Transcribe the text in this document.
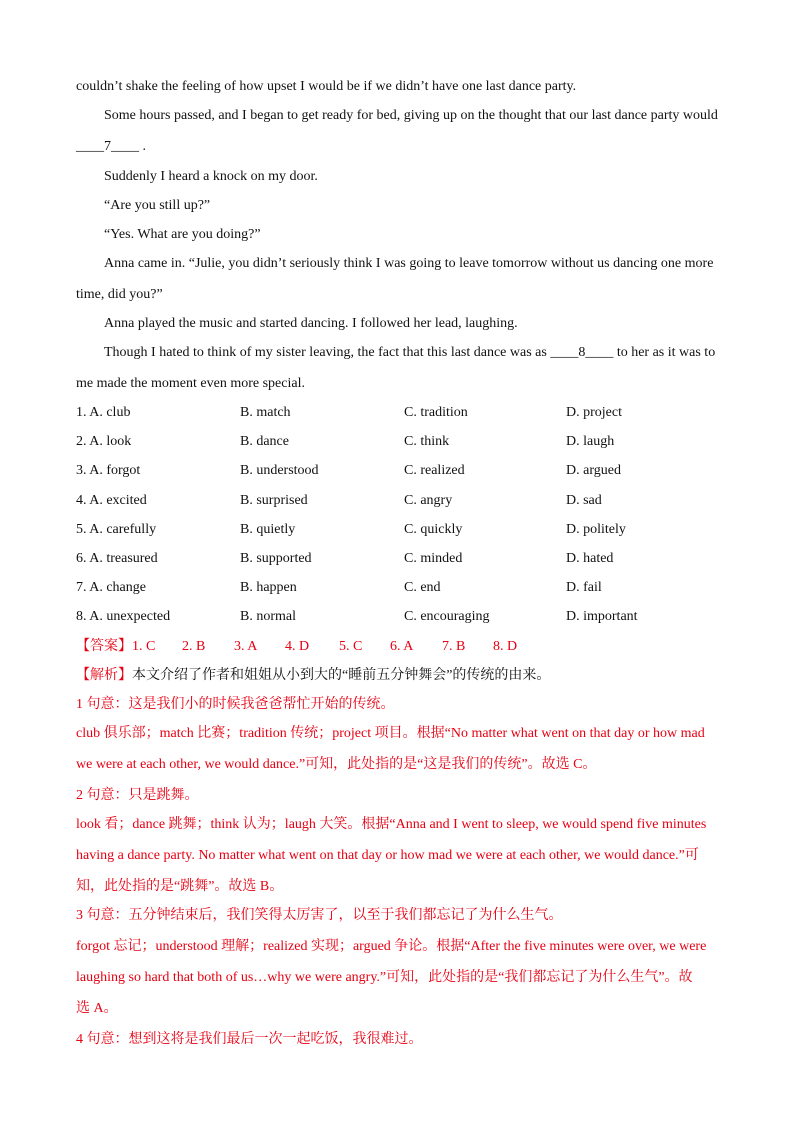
couldn’t shake the feeling of how upset I would be if we didn’t have one last dance party.
Some hours passed, and I began to get ready for bed, giving up on the thought that our last dance party would
____7____ .
Suddenly I heard a knock on my door.
“Are you still up?”
“Yes. What are you doing?”
Anna came in. “Julie, you didn’t seriously think I was going to leave tomorrow without us dancing one more
time, did you?”
Anna played the music and started dancing. I followed her lead, laughing.
Though I hated to think of my sister leaving, the fact that this last dance was as ____8____ to her as it was to
me made the moment even more special.
1. A. club	B. match	C. tradition	D. project
2. A. look	B. dance	C. think	D. laugh
3. A. forgot	B. understood	C. realized	D. argued
4. A. excited	B. surprised	C. angry	D. sad
5. A. carefully	B. quietly	C. quickly	D. politely
6. A. treasured	B. supported	C. minded	D. hated
7. A. change	B. happen	C. end	D. fail
8. A. unexpected	B. normal	C. encouraging	D. important
【答案】1. C 2. B 3. A 4. D 5. C 6. A 7. B 8. D
【解析】本文介绍了作者和姐姐从小到大的“睡前五分钟舞会”的传统的由来。
1 句意：这是我们小的时候我爸爸帮忙开始的传统。
club 俱乐部；match 比赛；tradition 传统；project 项目。根据“No matter what went on that day or how mad
we were at each other, we would dance.”可知，此处指的是“这是我们的传统”。故选 C。
2 句意：只是跳舞。
look 看；dance 跳舞；think 认为；laugh 大笑。根据“Anna and I went to sleep, we would spend five minutes
having a dance party. No matter what went on that day or how mad we were at each other, we would dance.”可
知，此处指的是“跳舞”。故选 B。
3 句意：五分钟结束后，我们笑得太厉害了，以至于我们都忘记了为什么生气。
forgot 忘记；understood 理解；realized 实现；argued 争论。根据“After the five minutes were over, we were
laughing so hard that both of us…why we were angry.”可知，此处指的是“我们都忘记了为什么生气”。故
选 A。
4 句意：想到这将是我们最后一次一起吃饭，我很难过。
